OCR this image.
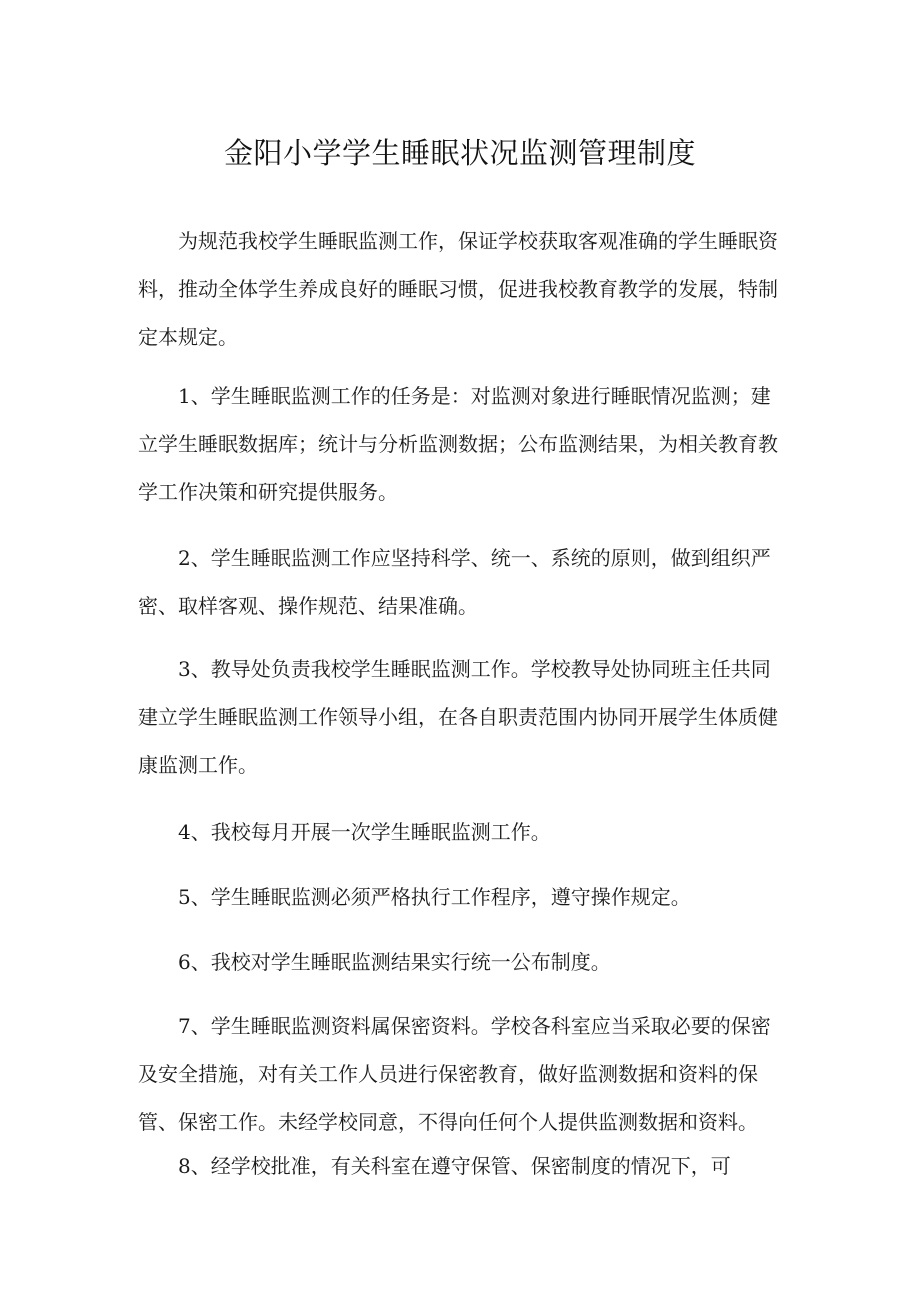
金阳小学学生睡眠状况监测管理制度

为规范我校学生睡眠监测工作，保证学校获取客观准确的学生睡眠资料，推动全体学生养成良好的睡眠习惯，促进我校教育教学的发展，特制定本规定。

1、学生睡眠监测工作的任务是：对监测对象进行睡眠情况监测；建立学生睡眠数据库；统计与分析监测数据；公布监测结果，为相关教育教学工作决策和研究提供服务。

2、学生睡眠监测工作应坚持科学、统一、系统的原则，做到组织严密、取样客观、操作规范、结果准确。

3、教导处负责我校学生睡眠监测工作。学校教导处协同班主任共同建立学生睡眠监测工作领导小组，在各自职责范围内协同开展学生体质健康监测工作。

4、我校每月开展一次学生睡眠监测工作。

5、学生睡眠监测必须严格执行工作程序，遵守操作规定。

6、我校对学生睡眠监测结果实行统一公布制度。

7、学生睡眠监测资料属保密资料。学校各科室应当采取必要的保密及安全措施，对有关工作人员进行保密教育，做好监测数据和资料的保管、保密工作。未经学校同意，不得向任何个人提供监测数据和资料。

8、经学校批准，有关科室在遵守保管、保密制度的情况下，可
